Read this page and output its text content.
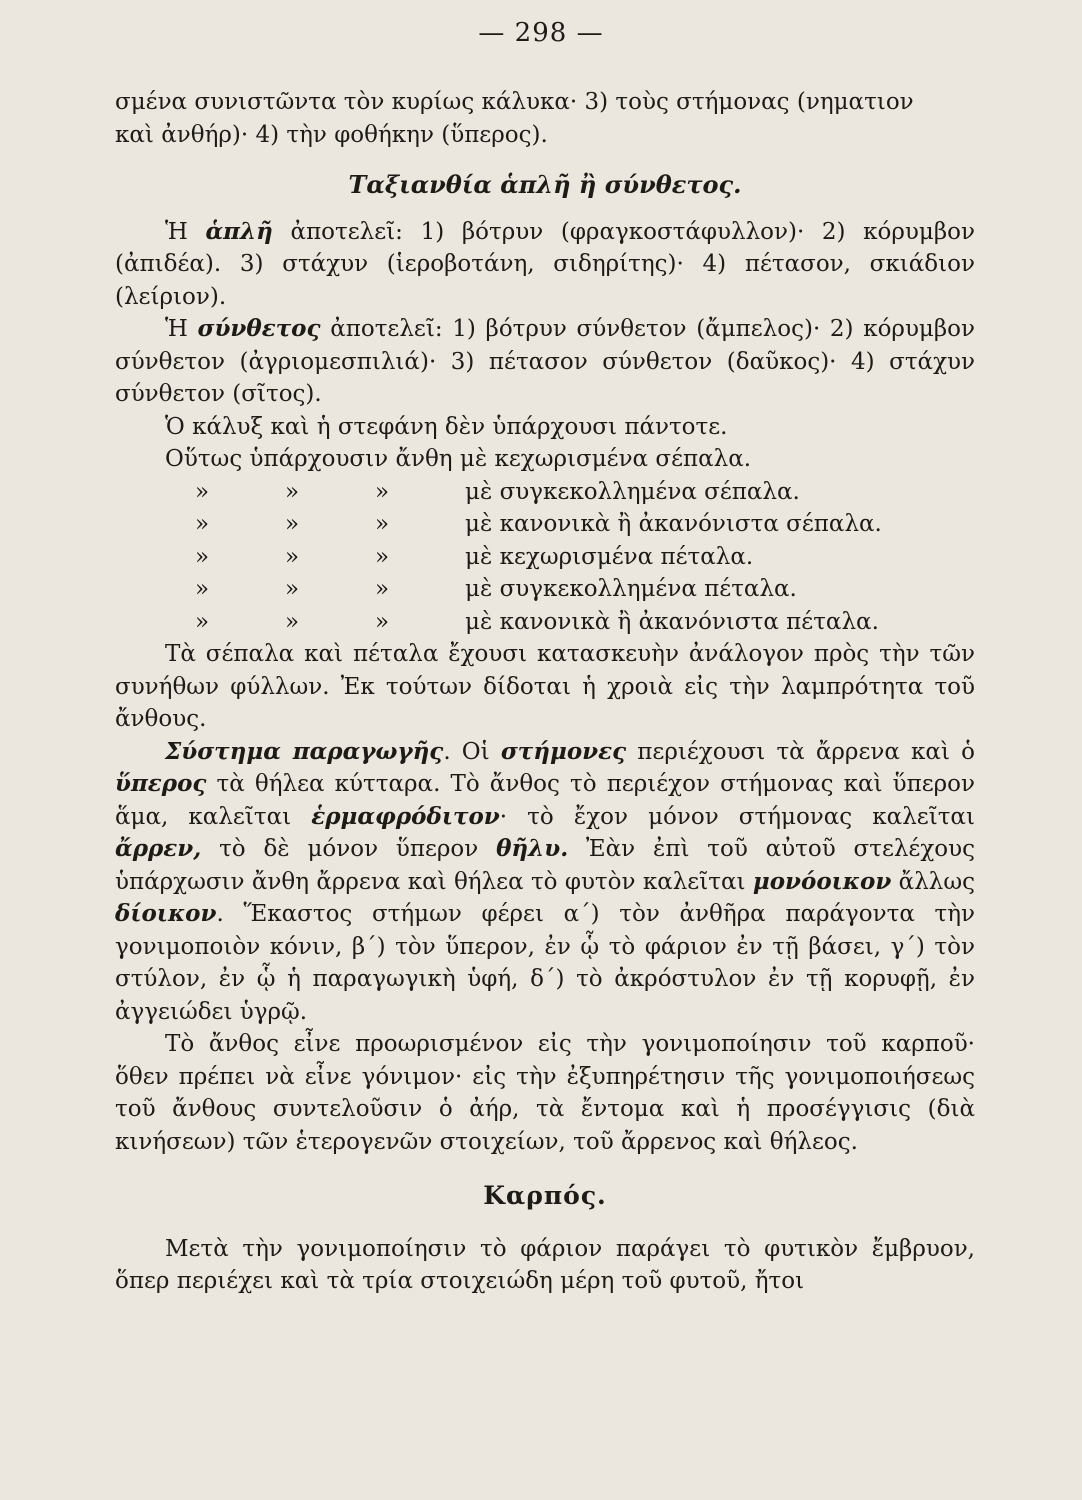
— 298 —

σμένα συνιστῶντα τὸν κυρίως κάλυκα· 3) τοὺς στήμονας (νηματιον

καὶ ἀνθήρ)· 4) τὴν φοθήκην (ὕπερος).

Ταξιανθία ἁπλῆ ἢ σύνθετος.

Ἡ ἁπλῆ ἀποτελεῖ: 1) βότρυν (φραγκοστάφυλλον)· 2) κόρυμβον (ἀπιδέα). 3) στάχυν (ἱεροβοτάνη, σιδηρίτης)· 4) πέτασον, σκιάδιον (λείριον).

Ἡ σύνθετος ἀποτελεῖ: 1) βότρυν σύνθετον (ἄμπελος)· 2) κόρυμβον σύνθετον (ἀγριομεσπιλιά)· 3) πέτασον σύνθετον (δαῦκος)· 4) στάχυν σύνθετον (σῖτος).

Ὁ κάλυξ καὶ ἡ στεφάνη δὲν ὑπάρχουσι πάντοτε.

Οὕτως ὑπάρχουσιν ἄνθη μὲ κεχωρισμένα σέπαλα.

»	»	»	μὲ συγκεκολλημένα σέπαλα.
»	»	»	μὲ κανονικὰ ἢ ἀκανόνιστα σέπαλα.
»	»	»	μὲ κεχωρισμένα πέταλα.
»	»	»	μὲ συγκεκολλημένα πέταλα.
»	»	»	μὲ κανονικὰ ἢ ἀκανόνιστα πέταλα.

Τὰ σέπαλα καὶ πέταλα ἔχουσι κατασκευὴν ἀνάλογον πρὸς τὴν τῶν συνήθων φύλλων. Ἐκ τούτων δίδοται ἡ χροιὰ εἰς τὴν λαμπρότητα τοῦ ἄνθους.

Σύστημα παραγωγῆς. Οἱ στήμονες περιέχουσι τὰ ἄρρενα καὶ ὁ ὕπερος τὰ θήλεα κύτταρα. Τὸ ἄνθος τὸ περιέχον στήμονας καὶ ὕπερον ἅμα, καλεῖται ἑρμαφρόδιτον· τὸ ἔχον μόνον στήμονας καλεῖται ἄρρεν, τὸ δὲ μόνον ὕπερον θῆλυ. Ἐὰν ἐπὶ τοῦ αὐτοῦ στελέχους ὑπάρχωσιν ἄνθη ἄρρενα καὶ θήλεα τὸ φυτὸν καλεῖται μονόοικον ἄλλως δίοικον. Ἕκαστος στήμων φέρει α΄) τὸν ἀνθῆρα παράγοντα τὴν γονιμοποιὸν κόνιν, β΄) τὸν ὕπερον, ἐν ᾧ τὸ φάριον ἐν τῇ βάσει, γ΄) τὸν στύλον, ἐν ᾧ ἡ παραγωγικὴ ὑφή, δ΄) τὸ ἀκρόστυλον ἐν τῇ κορυφῇ, ἐν ἀγγειώδει ὑγρῷ.

Τὸ ἄνθος εἶνε προωρισμένον εἰς τὴν γονιμοποίησιν τοῦ καρποῦ· ὅθεν πρέπει νὰ εἶνε γόνιμον· εἰς τὴν ἐξυπηρέτησιν τῆς γονιμοποιήσεως τοῦ ἄνθους συντελοῦσιν ὁ ἀήρ, τὰ ἔντομα καὶ ἡ προσέγγισις (διὰ κινήσεων) τῶν ἑτερογενῶν στοιχείων, τοῦ ἄρρενος καὶ θήλεος.

Καρπός.

Μετὰ τὴν γονιμοποίησιν τὸ φάριον παράγει τὸ φυτικὸν ἔμβρυον, ὅπερ περιέχει καὶ τὰ τρία στοιχειώδη μέρη τοῦ φυτοῦ, ἤτοι
